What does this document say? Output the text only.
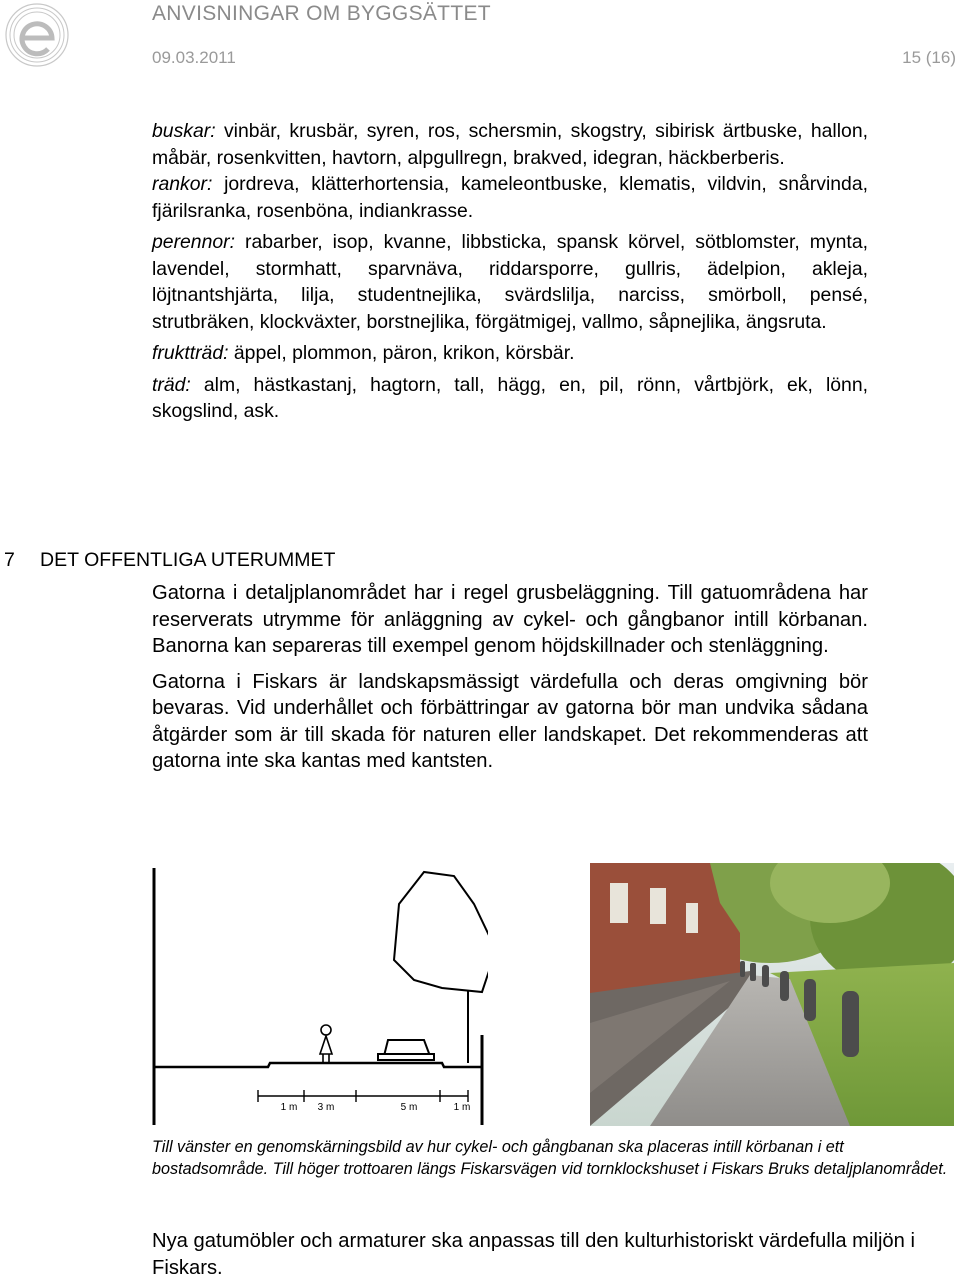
ANVISNINGAR OM BYGGSÄTTET
09.03.2011	15 (16)

buskar: vinbär, krusbär, syren, ros, schersmin, skogstry, sibirisk ärtbuske, hallon, måbär, rosenkvitten, havtorn, alpgullregn, brakved, idegran, häckberberis.

rankor: jordreva, klätterhortensia, kameleontbuske, klematis, vildvin, snårvinda, fjärilsranka, rosenböna, indiankrasse.

perennor: rabarber, isop, kvanne, libbsticka, spansk körvel, sötblomster, mynta, lavendel, stormhatt, sparvnäva, riddarsporre, gullris, ädelpion, akleja, löjtnantshjärta, lilja, studentnejlika, svärdslilja, narciss, smörboll, pensé, strutbräken, klockväxter, borstnejlika, förgätmigej, vallmo, såpnejlika, ängsruta.

fruktträd: äppel, plommon, päron, krikon, körsbär.

träd: alm, hästkastanj, hagtorn, tall, hägg, en, pil, rönn, vårtbjörk, ek, lönn, skogslind, ask.

7 DET OFFENTLIGA UTERUMMET

Gatorna i detaljplanområdet har i regel grusbeläggning. Till gatuområdena har reserverats utrymme för anläggning av cykel- och gångbanor intill körbanan. Banorna kan separeras till exempel genom höjdskillnader och stenläggning.

Gatorna i Fiskars är landskapsmässigt värdefulla och deras omgivning bör bevaras. Vid underhållet och förbättringar av gatorna bör man undvika sådana åtgärder som är till skada för naturen eller landskapet. Det rekommenderas att gatorna inte ska kantas med kantsten.

1 m 3 m	5 m	1 m

Till vänster en genomskärningsbild av hur cykel- och gångbanan ska placeras intill körbanan i ett bostadsområde. Till höger trottoaren längs Fiskarsvägen vid tornklockshuset i Fiskars Bruks detaljplanområdet.

Nya gatumöbler och armaturer ska anpassas till den kulturhistoriskt värdefulla miljön i Fiskars.
